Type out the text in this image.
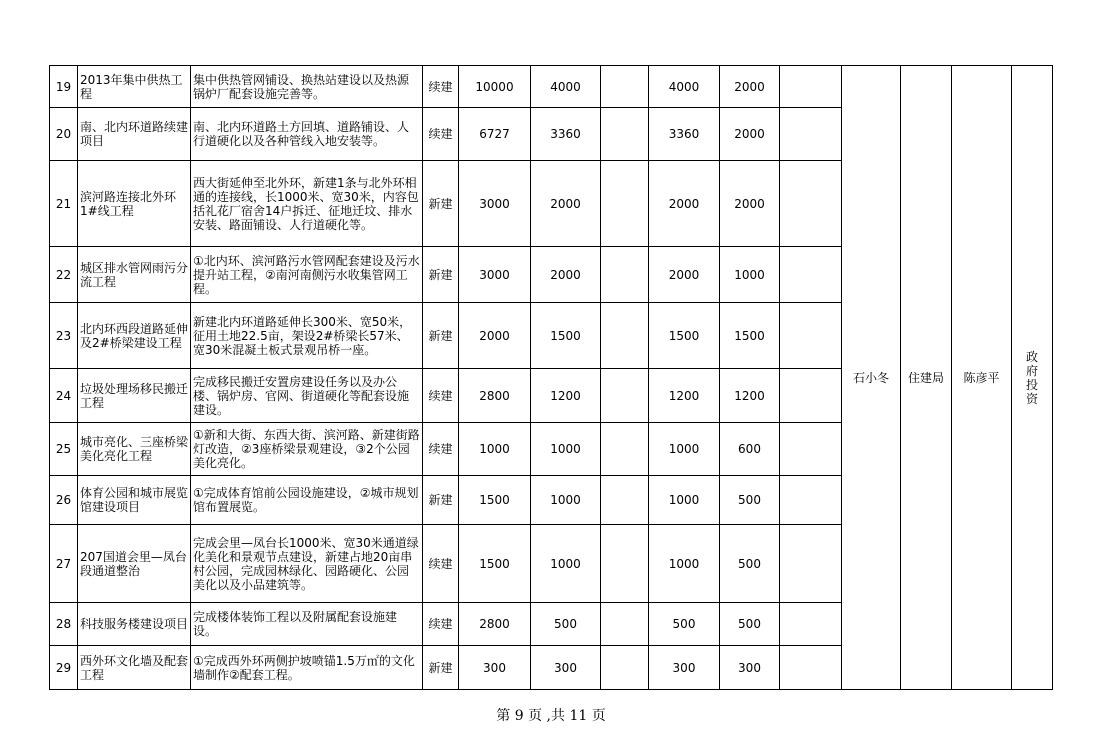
19	2013年集中供热工程	集中供热管网铺设、换热站建设以及热源锅炉厂配套设施完善等。	续建	10000	4000		4000	2000		石小冬	住建局	陈彦平	政府投资
20	南、北内环道路续建项目	南、北内环道路土方回填、道路铺设、人行道硬化以及各种管线入地安装等。	续建	6727	3360		3360	2000					
21	滨河路连接北外环1#线工程	西大街延伸至北外环，新建1条与北外环相通的连接线，长1000米、宽30米，内容包括礼花厂宿舍14户拆迁、征地迁坟、排水安装、路面铺设、人行道硬化等。	新建	3000	2000		2000	2000					
22	城区排水管网雨污分流工程	①北内环、滨河路污水管网配套建设及污水提升站工程，②南河南侧污水收集管网工程。	新建	3000	2000		2000	1000					
23	北内环西段道路延伸及2#桥梁建设工程	新建北内环道路延伸长300米、宽50米，征用土地22.5亩，架设2#桥梁长57米、宽30米混凝土板式景观吊桥一座。	新建	2000	1500		1500	1500					
24	垃圾处理场移民搬迁工程	完成移民搬迁安置房建设任务以及办公楼、锅炉房、官网、街道硬化等配套设施建设。	续建	2800	1200		1200	1200					
25	城市亮化、三座桥梁美化亮化工程	①新和大街、东西大街、滨河路、新建街路灯改造，②3座桥梁景观建设，③2个公园美化亮化。	续建	1000	1000		1000	600					
26	体育公园和城市展览馆建设项目	①完成体育馆前公园设施建设，②城市规划馆布置展览。	新建	1500	1000		1000	500					
27	207国道会里—凤台段通道整治	完成会里—凤台长1000米、宽30米通道绿化美化和景观节点建设，新建占地20亩串村公园，完成园林绿化、园路硬化、公园美化以及小品建筑等。	续建	1500	1000		1000	500					
28	科技服务楼建设项目	完成楼体装饰工程以及附属配套设施建设。	续建	2800	500		500	500					
29	西外环文化墙及配套工程	①完成西外环两侧护坡喷锚1.5万㎡的文化墙制作②配套工程。	新建	300	300		300	300					
第 9 页 ,共 11 页
